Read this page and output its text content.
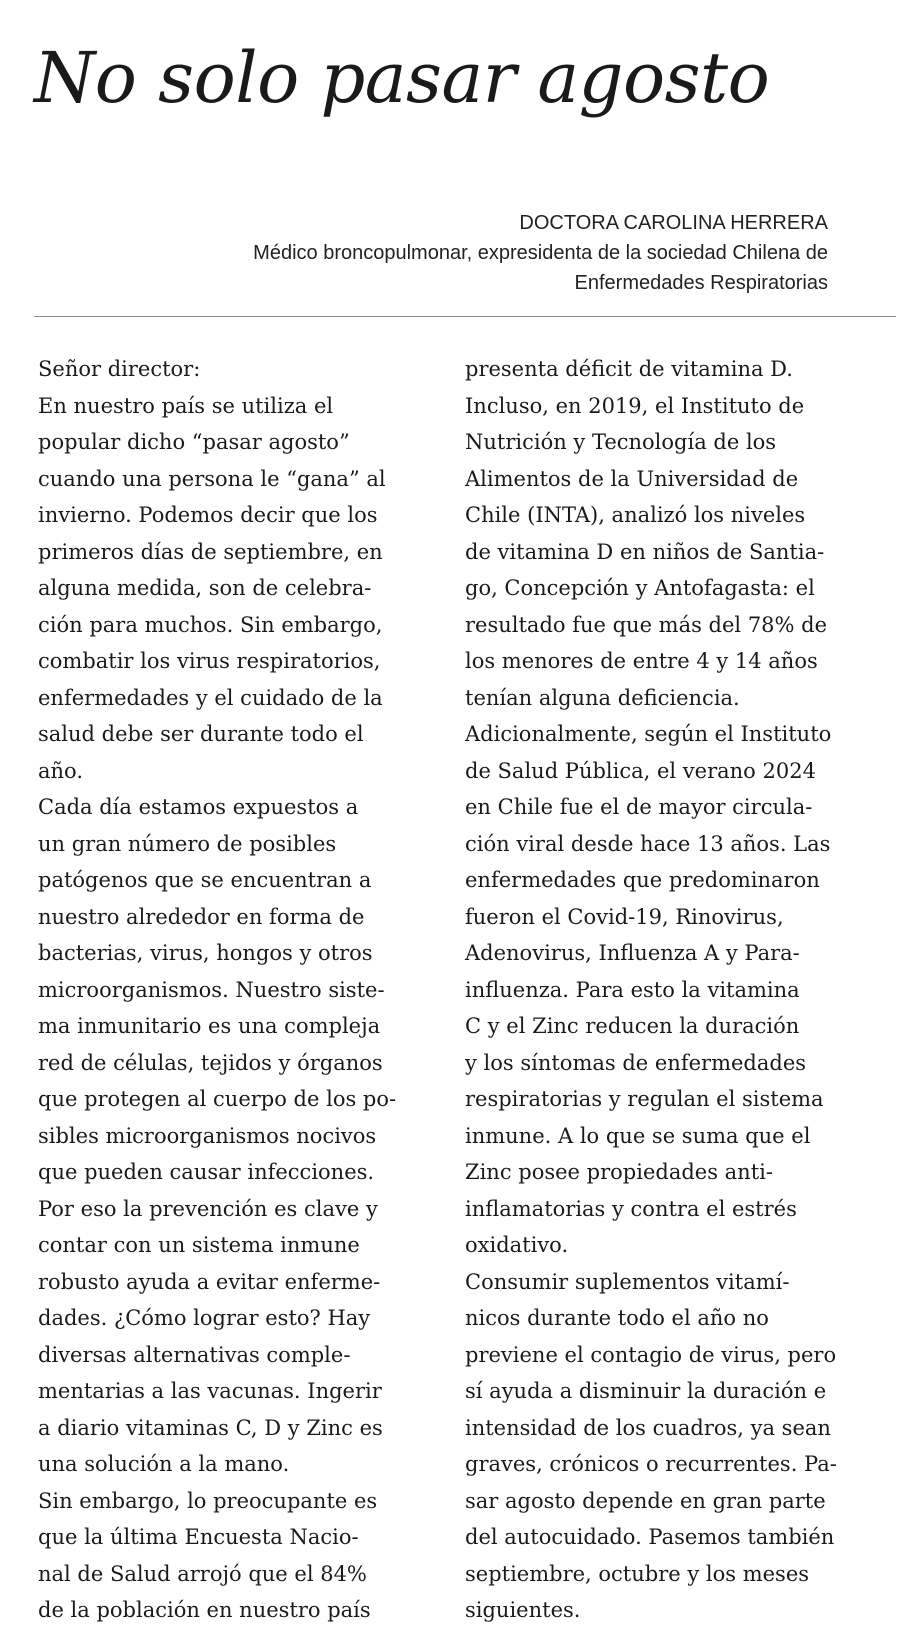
No solo pasar agosto
DOCTORA CAROLINA HERRERA
Médico broncopulmonar, expresidenta de la sociedad Chilena de
Enfermedades Respiratorias
Señor director:
En nuestro país se utiliza el
popular dicho “pasar agosto”
cuando una persona le “gana” al
invierno. Podemos decir que los
primeros días de septiembre, en
alguna medida, son de celebra-
ción para muchos. Sin embargo,
combatir los virus respiratorios,
enfermedades y el cuidado de la
salud debe ser durante todo el
año.
Cada día estamos expuestos a
un gran número de posibles
patógenos que se encuentran a
nuestro alrededor en forma de
bacterias, virus, hongos y otros
microorganismos. Nuestro siste-
ma inmunitario es una compleja
red de células, tejidos y órganos
que protegen al cuerpo de los po-
sibles microorganismos nocivos
que pueden causar infecciones.
Por eso la prevención es clave y
contar con un sistema inmune
robusto ayuda a evitar enferme-
dades. ¿Cómo lograr esto? Hay
diversas alternativas comple-
mentarias a las vacunas. Ingerir
a diario vitaminas C, D y Zinc es
una solución a la mano.
Sin embargo, lo preocupante es
que la última Encuesta Nacio-
nal de Salud arrojó que el 84%
de la población en nuestro país
presenta déficit de vitamina D.
Incluso, en 2019, el Instituto de
Nutrición y Tecnología de los
Alimentos de la Universidad de
Chile (INTA), analizó los niveles
de vitamina D en niños de Santia-
go, Concepción y Antofagasta: el
resultado fue que más del 78% de
los menores de entre 4 y 14 años
tenían alguna deficiencia.
Adicionalmente, según el Instituto
de Salud Pública, el verano 2024
en Chile fue el de mayor circula-
ción viral desde hace 13 años. Las
enfermedades que predominaron
fueron el Covid-19, Rinovirus,
Adenovirus, Influenza A y Para-
influenza. Para esto la vitamina
C y el Zinc reducen la duración
y los síntomas de enfermedades
respiratorias y regulan el sistema
inmune. A lo que se suma que el
Zinc posee propiedades anti-
inflamatorias y contra el estrés
oxidativo.
Consumir suplementos vitamí-
nicos durante todo el año no
previene el contagio de virus, pero
sí ayuda a disminuir la duración e
intensidad de los cuadros, ya sean
graves, crónicos o recurrentes. Pa-
sar agosto depende en gran parte
del autocuidado. Pasemos también
septiembre, octubre y los meses
siguientes.
